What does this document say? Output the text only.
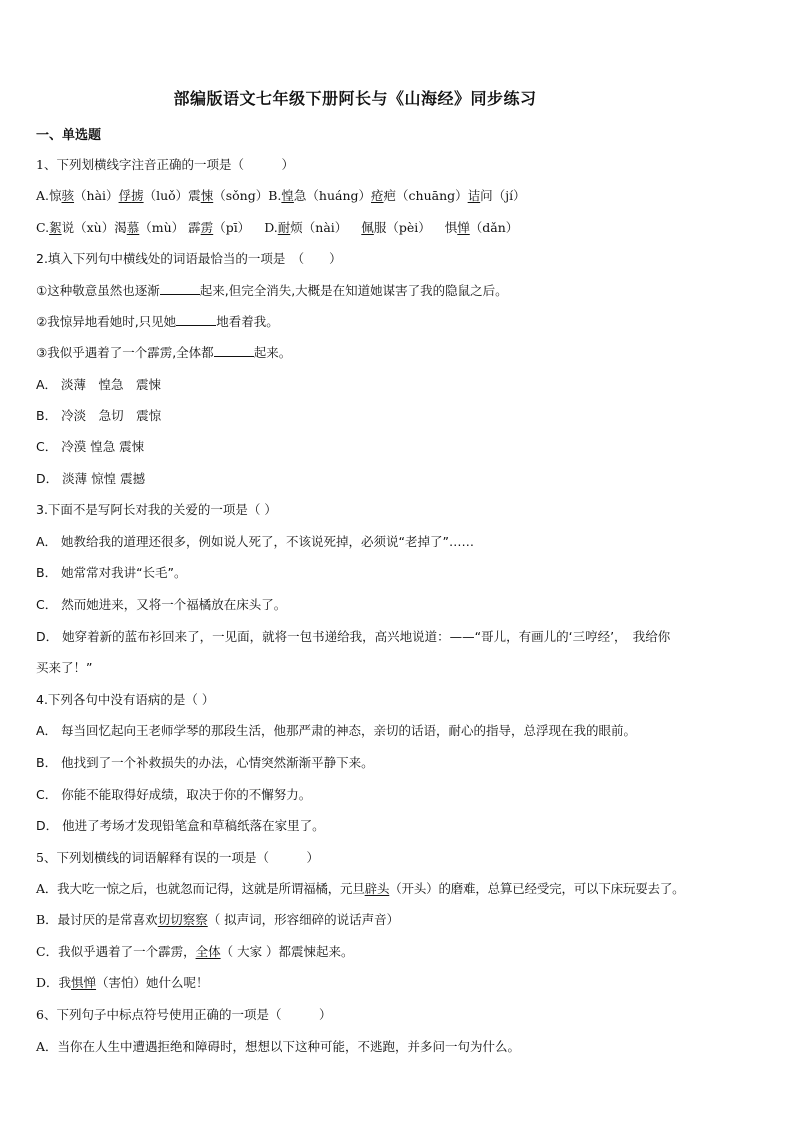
部编版语文七年级下册阿长与《山海经》同步练习
一、单选题
1、下列划横线字注音正确的一项是（　　　）
A.惊骇（hài）俘掳（luǒ）震悚（sǒng）B.惶急（huáng）疮疤（chuāng）诘问（jí）
C.絮说（xù）渴慕（mù） 霹雳（pī） D.耐烦（nài） 佩服（pèi） 惧惮（dǎn）
2.填入下列句中横线处的词语最恰当的一项是　（　　）
①这种敬意虽然也逐渐	起来,但完全消失,大概是在知道她谋害了我的隐鼠之后。
②我惊异地看她时,只见她	地看着我。
③我似乎遇着了一个霹雳,全体都	起来。
A． 淡薄　惶急　震悚
B． 冷淡　急切　震惊
C． 冷漠 惶急 震悚
D． 淡薄 惊惶 震撼
3.下面不是写阿长对我的关爱的一项是（ ）
A． 她教给我的道理还很多，例如说人死了，不该说死掉，必须说“老掉了”……
B． 她常常对我讲“长毛”。
C． 然而她进来，又将一个福橘放在床头了。
D． 她穿着新的蓝布衫回来了，一见面，就将一包书递给我，高兴地说道：——“哥儿，有画儿的‘三哼经’，　我给你
买来了！”
4.下列各句中没有语病的是（ ）
A． 每当回忆起向王老师学琴的那段生活，他那严肃的神态，亲切的话语，耐心的指导，总浮现在我的眼前。
B． 他找到了一个补救损失的办法，心情突然渐渐平静下来。
C． 你能不能取得好成绩，取决于你的不懈努力。
D． 他进了考场才发现铅笔盒和草稿纸落在家里了。
5、下列划横线的词语解释有误的一项是（　　　）
A．我大吃一惊之后，也就忽而记得，这就是所谓福橘，元旦辟头（开头）的磨难，总算已经受完，可以下床玩耍去了。
B．最讨厌的是常喜欢切切察察（ 拟声词，形容细碎的说话声音）
C．我似乎遇着了一个霹雳，全体（ 大家 ）都震悚起来。
D．我惧惮（害怕）她什么呢！
6、下列句子中标点符号使用正确的一项是（　　　）
A．当你在人生中遭遇拒绝和障碍时，想想以下这种可能，不逃跑，并多问一句为什么。
